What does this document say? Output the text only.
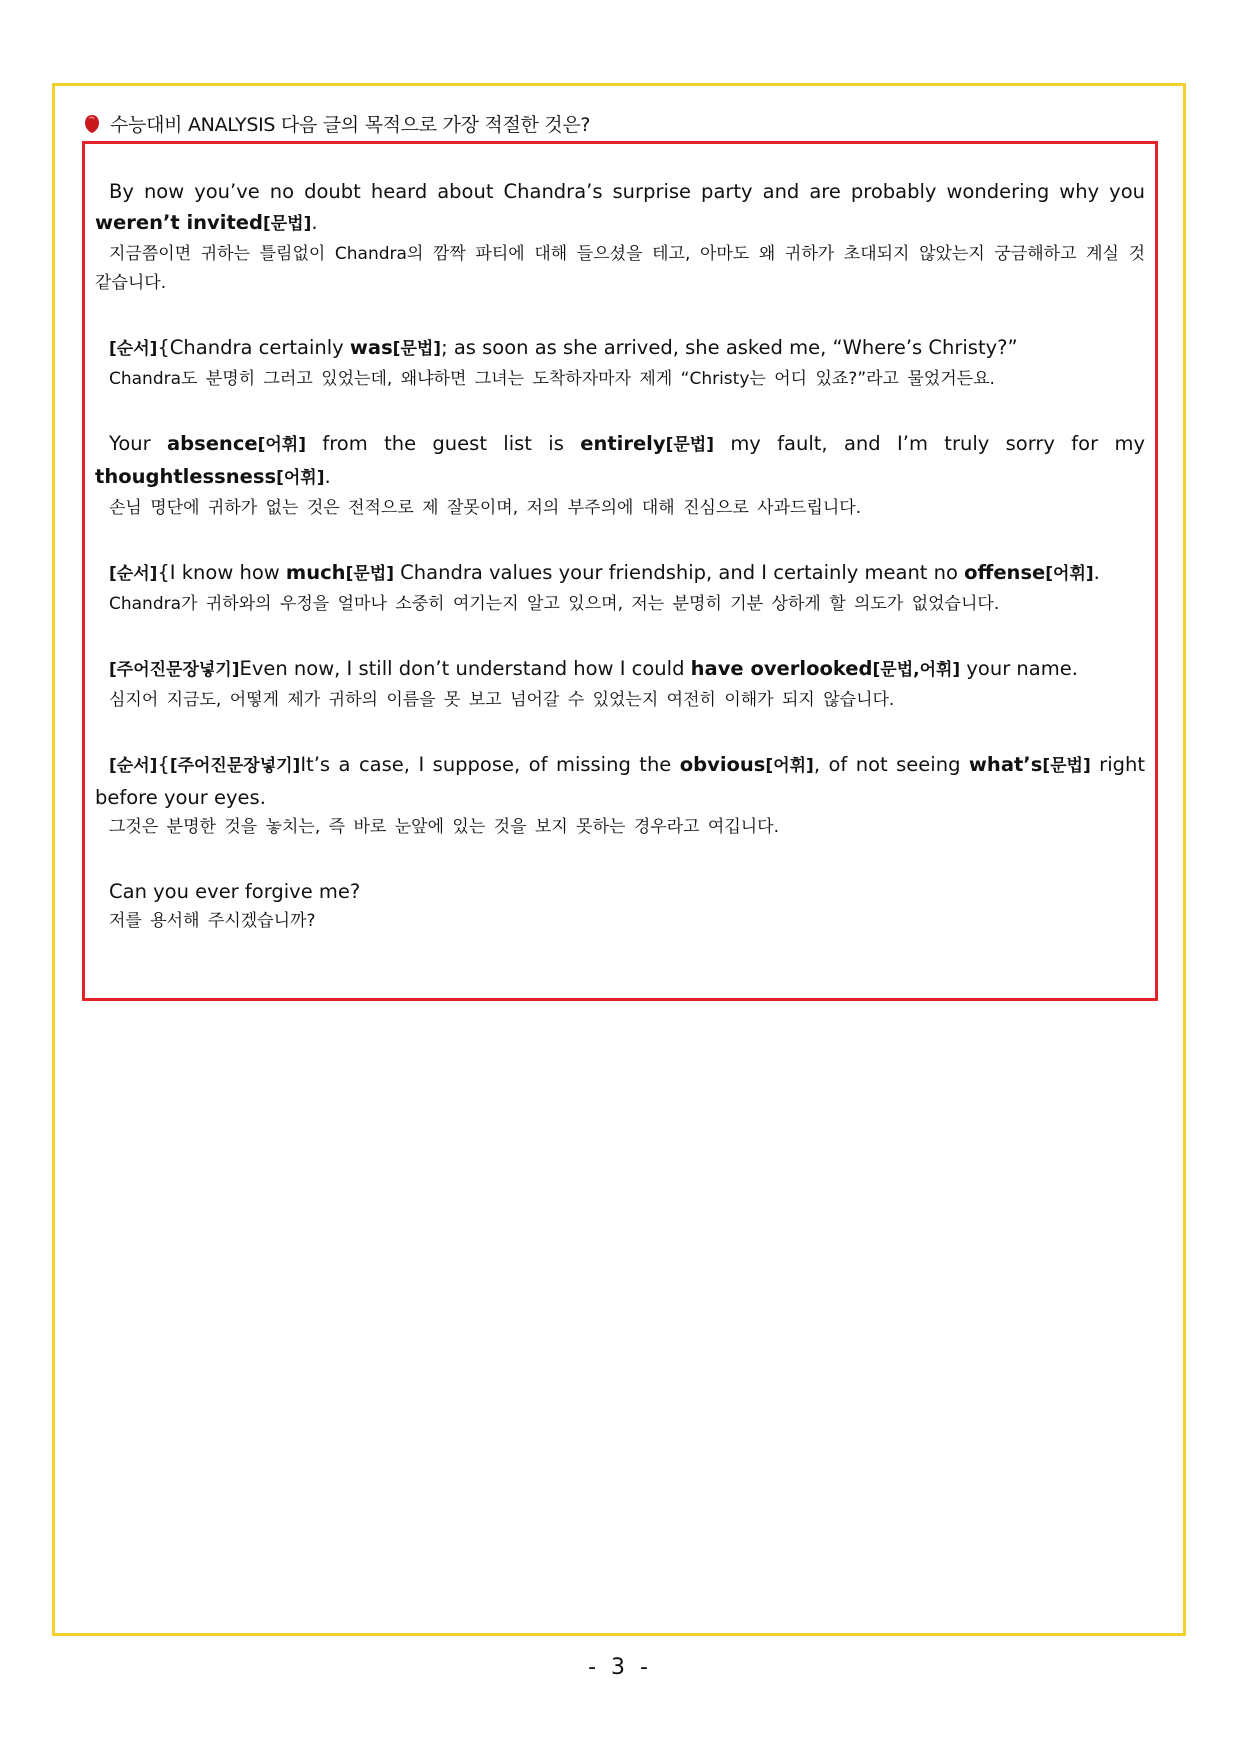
수능대비 ANALYSIS 다음 글의 목적으로 가장 적절한 것은?

By now you’ve no doubt heard about Chandra’s surprise party and are probably wondering why you weren’t invited[문법].

지금쯤이면 귀하는 틀림없이 Chandra의 깜짝 파티에 대해 들으셨을 테고, 아마도 왜 귀하가 초대되지 않았는지 궁금해하고 계실 것 같습니다.

[순서]{Chandra certainly was[문법]; as soon as she arrived, she asked me, “Where’s Christy?”

Chandra도 분명히 그러고 있었는데, 왜냐하면 그녀는 도착하자마자 제게 “Christy는 어디 있죠?”라고 물었거든요.

Your absence[어휘] from the guest list is entirely[문법] my fault, and I’m truly sorry for my thoughtlessness[어휘].

손님 명단에 귀하가 없는 것은 전적으로 제 잘못이며, 저의 부주의에 대해 진심으로 사과드립니다.

[순서]{I know how much[문법] Chandra values your friendship, and I certainly meant no offense[어휘].

Chandra가 귀하와의 우정을 얼마나 소중히 여기는지 알고 있으며, 저는 분명히 기분 상하게 할 의도가 없었습니다.

[주어진문장넣기]Even now, I still don’t understand how I could have overlooked[문법,어휘] your name.

심지어 지금도, 어떻게 제가 귀하의 이름을 못 보고 넘어갈 수 있었는지 여전히 이해가 되지 않습니다.

[순서]{[주어진문장넣기]It’s a case, I suppose, of missing the obvious[어휘], of not seeing what’s[문법] right before your eyes.

그것은 분명한 것을 놓치는, 즉 바로 눈앞에 있는 것을 보지 못하는 경우라고 여깁니다.

Can you ever forgive me?

저를 용서해 주시겠습니까?

- 3 -
